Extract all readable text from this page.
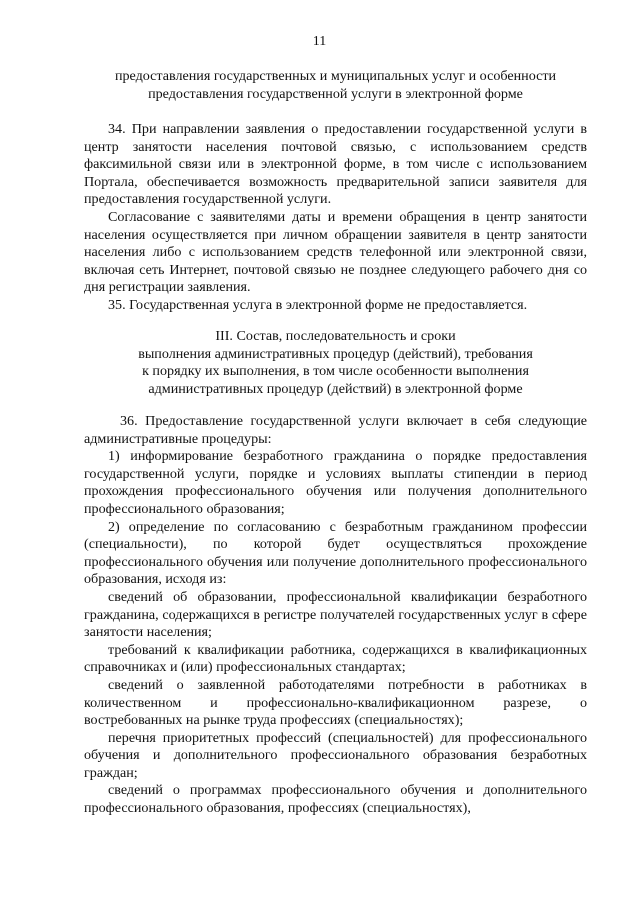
11
предоставления государственных и муниципальных услуг и особенности
предоставления государственной услуги в электронной форме

34. При направлении заявления о предоставлении государственной услуги в центр занятости населения почтовой связью, с использованием средств факсимильной связи или в электронной форме, в том числе с использованием Портала, обеспечивается возможность предварительной записи заявителя для предоставления государственной услуги.

Согласование с заявителями даты и времени обращения в центр занятости населения осуществляется при личном обращении заявителя в центр занятости населения либо с использованием средств телефонной или электронной связи, включая сеть Интернет, почтовой связью не позднее следующего рабочего дня со дня регистрации заявления.

35. Государственная услуга в электронной форме не предоставляется.

III. Состав, последовательность и сроки
выполнения административных процедур (действий), требования
к порядку их выполнения, в том числе особенности выполнения
административных процедур (действий) в электронной форме

36. Предоставление государственной услуги включает в себя следующие административные процедуры:

1) информирование безработного гражданина о порядке предоставления государственной услуги, порядке и условиях выплаты стипендии в период прохождения профессионального обучения или получения дополнительного профессионального образования;

2) определение по согласованию с безработным гражданином профессии (специальности), по которой будет осуществляться прохождение профессионального обучения или получение дополнительного профессионального образования, исходя из:

сведений об образовании, профессиональной квалификации безработного гражданина, содержащихся в регистре получателей государственных услуг в сфере занятости населения;

требований к квалификации работника, содержащихся в квалификационных справочниках и (или) профессиональных стандартах;

сведений о заявленной работодателями потребности в работниках в количественном и профессионально-квалификационном разрезе, о востребованных на рынке труда профессиях (специальностях);

перечня приоритетных профессий (специальностей) для профессионального обучения и дополнительного профессионального образования безработных граждан;

сведений о программах профессионального обучения и дополнительного профессионального образования, профессиях (специальностях),
